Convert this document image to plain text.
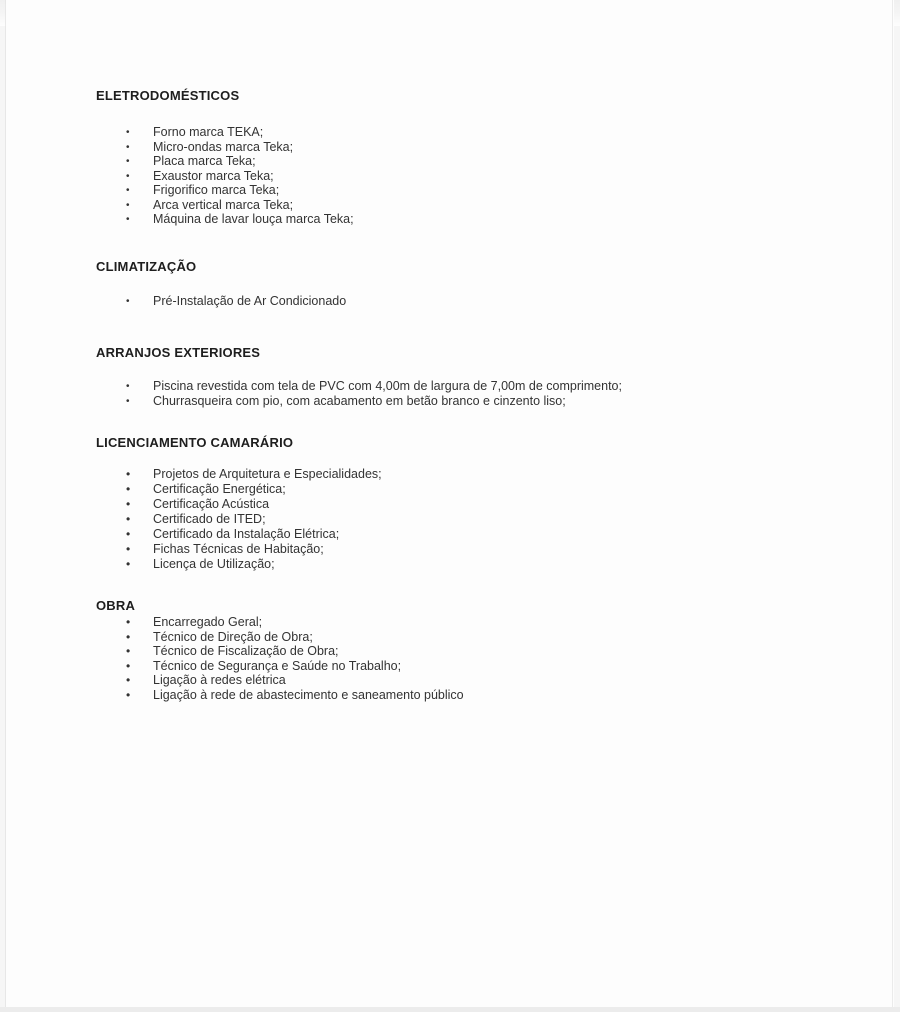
ELETRODOMÉSTICOS
• Forno marca TEKA;
• Micro-ondas marca Teka;
• Placa marca Teka;
• Exaustor marca Teka;
• Frigorifico marca Teka;
• Arca vertical marca Teka;
• Máquina de lavar louça marca Teka;
CLIMATIZAÇÃO
• Pré-Instalação de Ar Condicionado
ARRANJOS EXTERIORES
• Piscina revestida com tela de PVC com 4,00m de largura de 7,00m de comprimento;
• Churrasqueira com pio, com acabamento em betão branco e cinzento liso;
LICENCIAMENTO CAMARÁRIO
• Projetos de Arquitetura e Especialidades;
• Certificação Energética;
• Certificação Acústica
• Certificado de ITED;
• Certificado da Instalação Elétrica;
• Fichas Técnicas de Habitação;
• Licença de Utilização;
OBRA
• Encarregado Geral;
• Técnico de Direção de Obra;
• Técnico de Fiscalização de Obra;
• Técnico de Segurança e Saúde no Trabalho;
• Ligação à redes elétrica
• Ligação à rede de abastecimento e saneamento público
